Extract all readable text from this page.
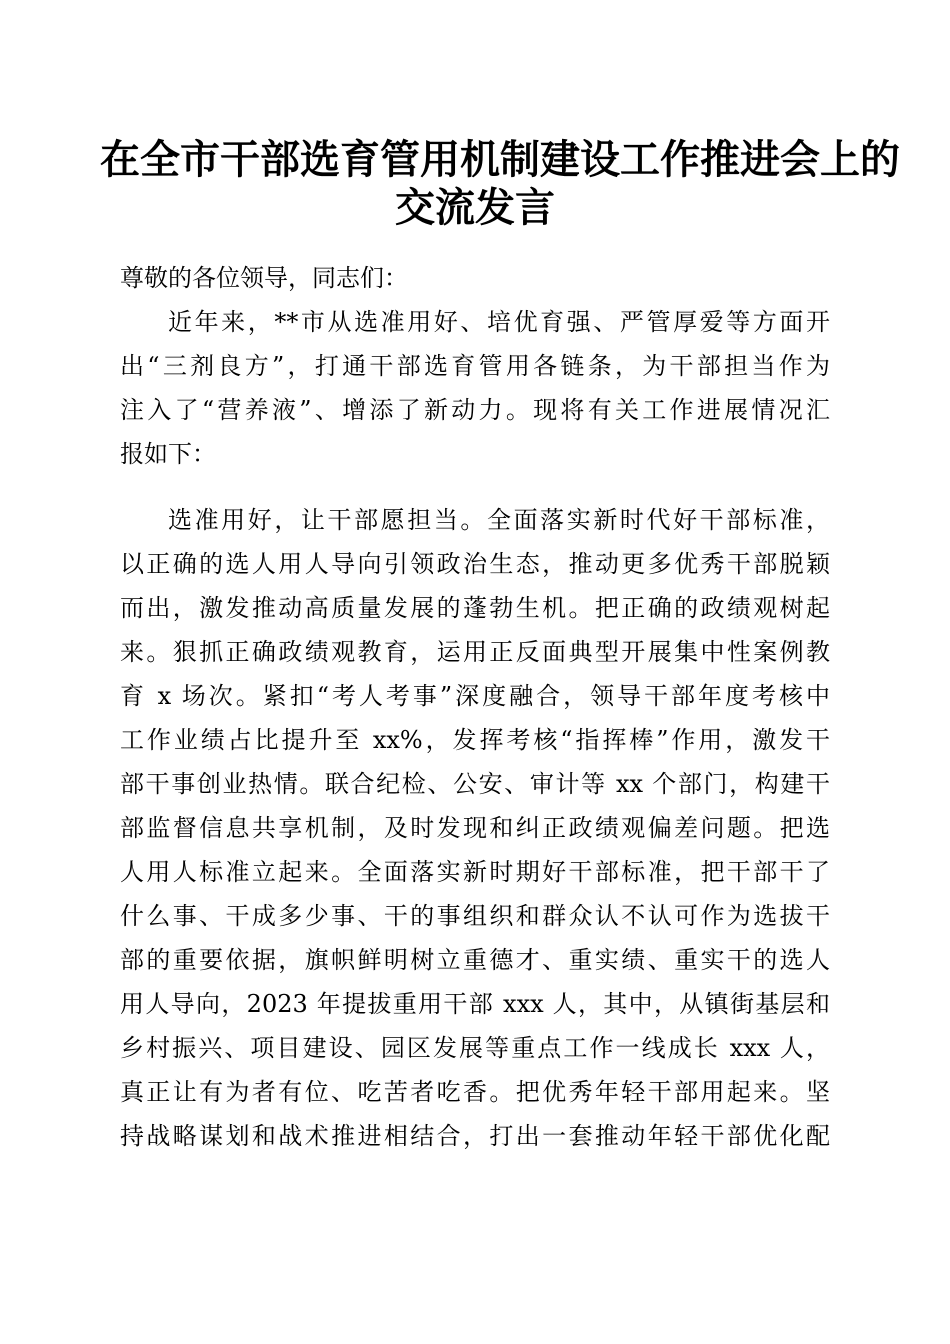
在全市干部选育管用机制建设工作推进会上的
交流发言
尊敬的各位领导，同志们：
近年来，**市从选准用好、培优育强、严管厚爱等方面开
出“三剂良方”，打通干部选育管用各链条，为干部担当作为
注入了“营养液”、增添了新动力。现将有关工作进展情况汇
报如下：
选准用好，让干部愿担当。全面落实新时代好干部标准，
以正确的选人用人导向引领政治生态，推动更多优秀干部脱颖
而出，激发推动高质量发展的蓬勃生机。把正确的政绩观树起
来。狠抓正确政绩观教育，运用正反面典型开展集中性案例教
育 x 场次。紧扣“考人考事”深度融合，领导干部年度考核中
工作业绩占比提升至 xx%，发挥考核“指挥棒”作用，激发干
部干事创业热情。联合纪检、公安、审计等 xx 个部门，构建干
部监督信息共享机制，及时发现和纠正政绩观偏差问题。把选
人用人标准立起来。全面落实新时期好干部标准，把干部干了
什么事、干成多少事、干的事组织和群众认不认可作为选拔干
部的重要依据，旗帜鲜明树立重德才、重实绩、重实干的选人
用人导向，2023 年提拔重用干部 xxx 人，其中，从镇街基层和
乡村振兴、项目建设、园区发展等重点工作一线成长 xxx 人，
真正让有为者有位、吃苦者吃香。把优秀年轻干部用起来。坚
持战略谋划和战术推进相结合，打出一套推动年轻干部优化配
